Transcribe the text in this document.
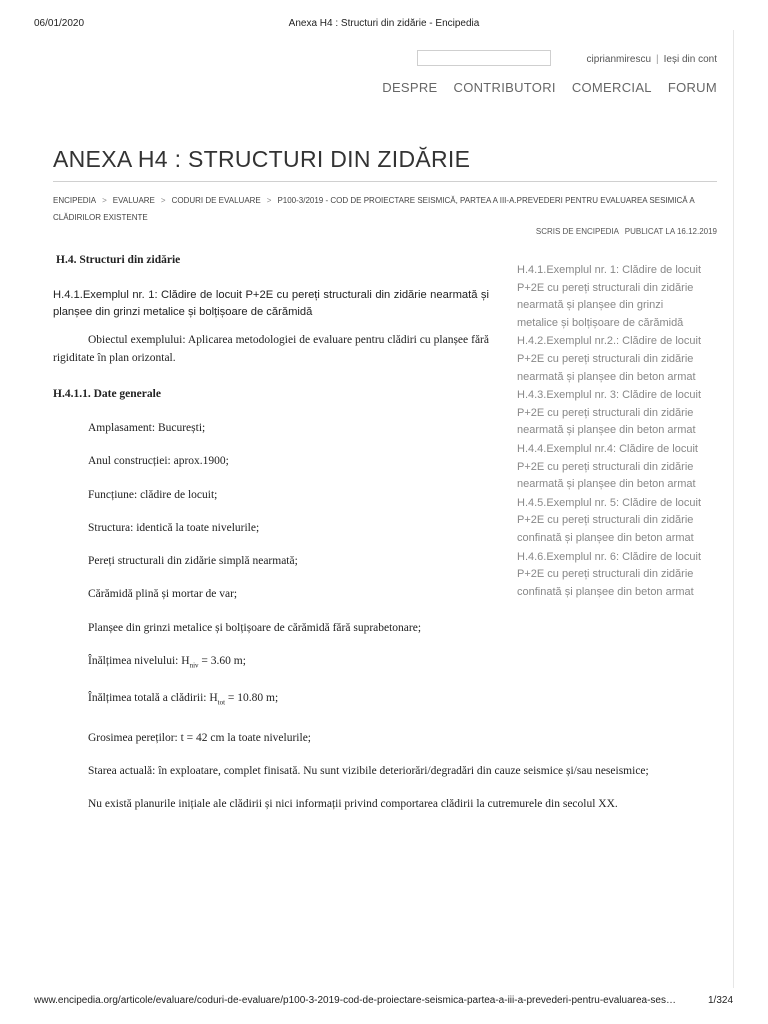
06/01/2020	Anexa H4 : Structuri din zidărie - Encipedia
ciprianmirescu | Ieși din cont
DESPRE CONTRIBUTORI COMERCIAL FORUM
ANEXA H4 : STRUCTURI DIN ZIDĂRIE
ENCIPEDIA > EVALUARE > CODURI DE EVALUARE > P100-3/2019 - COD DE PROIECTARE SEISMICĂ, PARTEA A III-A.PREVEDERI PENTRU EVALUAREA SESIMICĂ A CLĂDIRILOR EXISTENTE
SCRIS DE ENCIPEDIA PUBLICAT LA 16.12.2019
H.4. Structuri din zidărie
H.4.1.Exemplul nr. 1: Clădire de locuit P+2E cu pereți structurali din zidărie nearmată și planșee din grinzi metalice și bolțișoare de cărămidă
Obiectul exemplului: Aplicarea metodologiei de evaluare pentru clădiri cu planșee fără rigiditate în plan orizontal.
H.4.1.1. Date generale
Amplasament: București;
Anul construcției: aprox.1900;
Funcțiune: clădire de locuit;
Structura: identică la toate nivelurile;
Pereți structurali din zidărie simplă nearmată;
Cărămidă plină și mortar de var;
Planșee din grinzi metalice și bolțișoare de cărămidă fără suprabetonare;
Înălțimea nivelului: $H_{niv} = 3.60$ m;
Înălțimea totală a clădirii: $H_{tot} = 10.80$ m;
Grosimea pereților: t = 42 cm la toate nivelurile;
Starea actuală: în exploatare, complet finisată. Nu sunt vizibile deteriorări/degradări din cauze seismice și/sau neseismice;
Nu există planurile inițiale ale clădirii și nici informații privind comportarea clădirii la cutremurele din secolul XX.
H.4.1.Exemplul nr. 1: Clădire de locuit P+2E cu pereți structurali din zidărie nearmată și planșee din grinzi metalice și bolțișoare de cărămidă
H.4.2.Exemplul nr.2.: Clădire de locuit P+2E cu pereți structurali din zidărie nearmată și planșee din beton armat
H.4.3.Exemplul nr. 3: Clădire de locuit P+2E cu pereți structurali din zidărie nearmată și planșee din beton armat
H.4.4.Exemplul nr.4: Clădire de locuit P+2E cu pereți structurali din zidărie nearmată și planșee din beton armat
H.4.5.Exemplul nr. 5: Clădire de locuit P+2E cu pereți structurali din zidărie confinată și planșee din beton armat
H.4.6.Exemplul nr. 6: Clădire de locuit P+2E cu pereți structurali din zidărie confinată și planșee din beton armat
www.encipedia.org/articole/evaluare/coduri-de-evaluare/p100-3-2019-cod-de-proiectare-seismica-partea-a-iii-a-prevederi-pentru-evaluarea-ses…	1/324
